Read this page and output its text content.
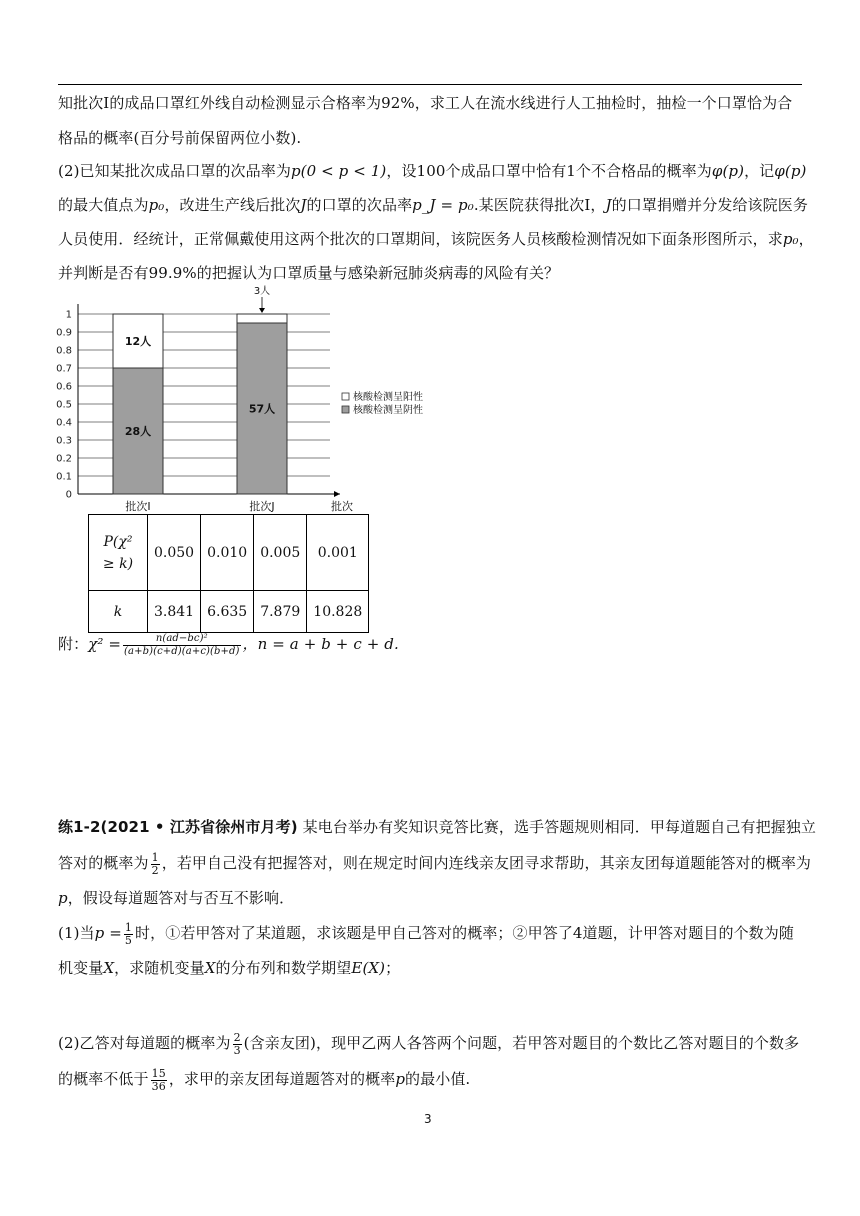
知批次Ⅰ的成品口罩红外线自动检测显示合格率为92%，求工人在流水线进行人工抽检时，抽检一个口罩恰为合
格品的概率(百分号前保留两位小数).
(2)已知某批次成品口罩的次品率为p(0 < p < 1)，设100个成品口罩中恰有1个不合格品的概率为φ(p)，记φ(p)
的最大值点为p₀，改进生产线后批次J的口罩的次品率p_J = p₀.某医院获得批次Ⅰ，J的口罩捐赠并分发给该院医务
人员使用．经统计，正常佩戴使用这两个批次的口罩期间，该院医务人员核酸检测情况如下面条形图所示，求p₀，
并判断是否有99.9%的把握认为口罩质量与感染新冠肺炎病毒的风险有关？
0
0.1
0.2
0.3
0.4
0.5
0.6
0.7
0.8
0.9
1
28人
12人
批次I
57人
3人
批次J	批次
核酸检测呈阳性
核酸检测呈阴性
P(χ²
≥ k)	0.050	0.010	0.005	0.001
k	3.841	6.635	7.879	10.828
附：$\chi^2 = \frac{\text{n(ad−bc)²}}{(a+b)(c+d)(a+c)(b+d)}$ ，n = a + b + c + d.
练1-2(2021 • 江苏省徐州市月考) 某电台举办有奖知识竞答比赛，选手答题规则相同．甲每道题自己有把握独立
答对的概率为 $\frac{1}{2}$ ，若甲自己没有把握答对，则在规定时间内连线亲友团寻求帮助，其亲友团每道题能答对的概率为
p，假设每道题答对与否互不影响．
(1)当$p = \frac{1}{5}$ 时，①若甲答对了某道题，求该题是甲自己答对的概率；②甲答了4道题，计甲答对题目的个数为随
机变量X，求随机变量X的分布列和数学期望E(X)；
(2)乙答对每道题的概率为 $\frac{2}{3}$ (含亲友团)，现甲乙两人各答两个问题，若甲答对题目的个数比乙答对题目的个数多
的概率不低于 $\frac{15}{36}$ ，求甲的亲友团每道题答对的概率p的最小值.
3
